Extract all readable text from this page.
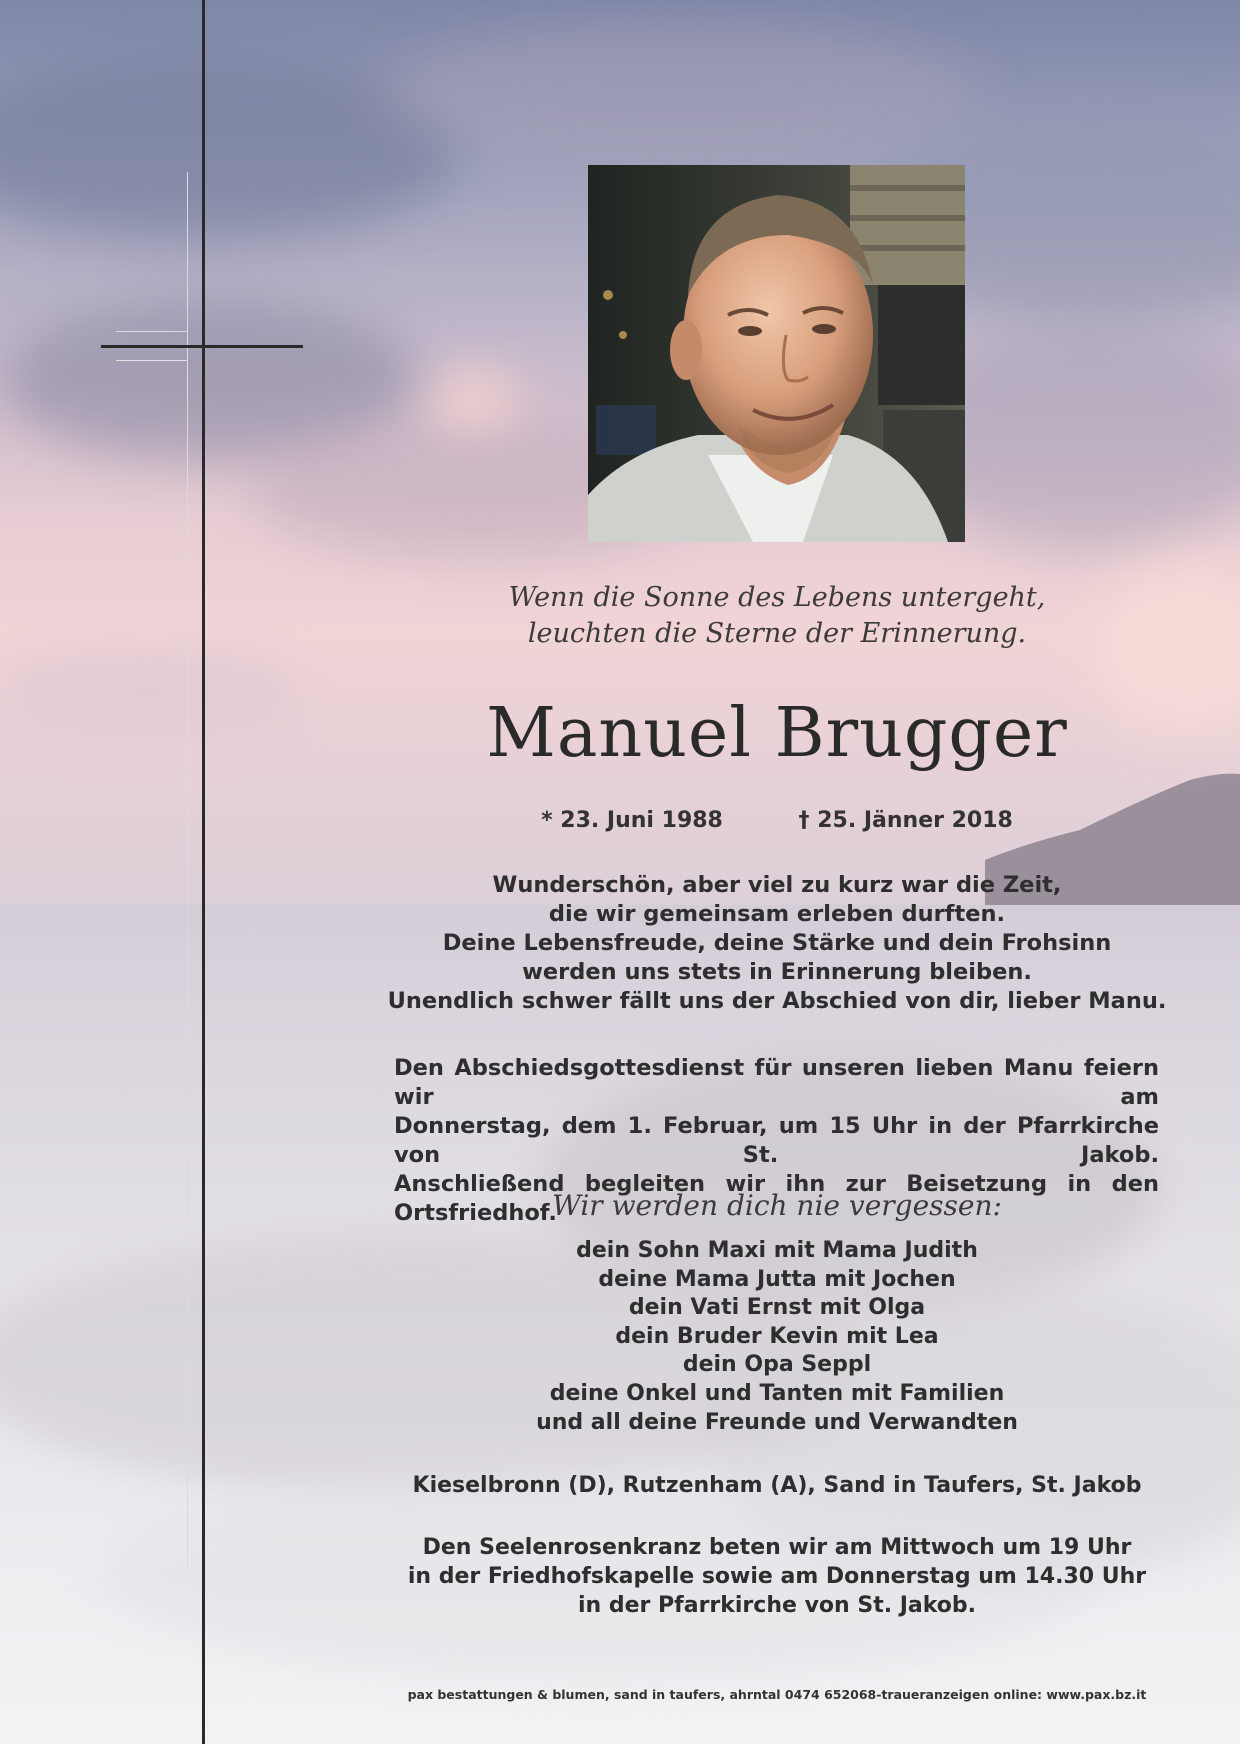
Wenn die Sonne des Lebens untergeht,
leuchten die Sterne der Erinnerung.
Manuel Brugger
* 23. Juni 1988	† 25. Jänner 2018
Wunderschön, aber viel zu kurz war die Zeit,
die wir gemeinsam erleben durften.
Deine Lebensfreude, deine Stärke und dein Frohsinn
werden uns stets in Erinnerung bleiben.
Unendlich schwer fällt uns der Abschied von dir, lieber Manu.
Den Abschiedsgottesdienst für unseren lieben Manu feiern wir am
Donnerstag, dem 1. Februar, um 15 Uhr in der Pfarrkirche von St. Jakob.
Anschließend begleiten wir ihn zur Beisetzung in den Ortsfriedhof.
Wir werden dich nie vergessen:
dein Sohn Maxi mit Mama Judith
deine Mama Jutta mit Jochen
dein Vati Ernst mit Olga
dein Bruder Kevin mit Lea
dein Opa Seppl
deine Onkel und Tanten mit Familien
und all deine Freunde und Verwandten
Kieselbronn (D), Rutzenham (A), Sand in Taufers, St. Jakob
Den Seelenrosenkranz beten wir am Mittwoch um 19 Uhr
in der Friedhofskapelle sowie am Donnerstag um 14.30 Uhr
in der Pfarrkirche von St. Jakob.
pax bestattungen & blumen, sand in taufers, ahrntal 0474 652068-traueranzeigen online: www.pax.bz.it
